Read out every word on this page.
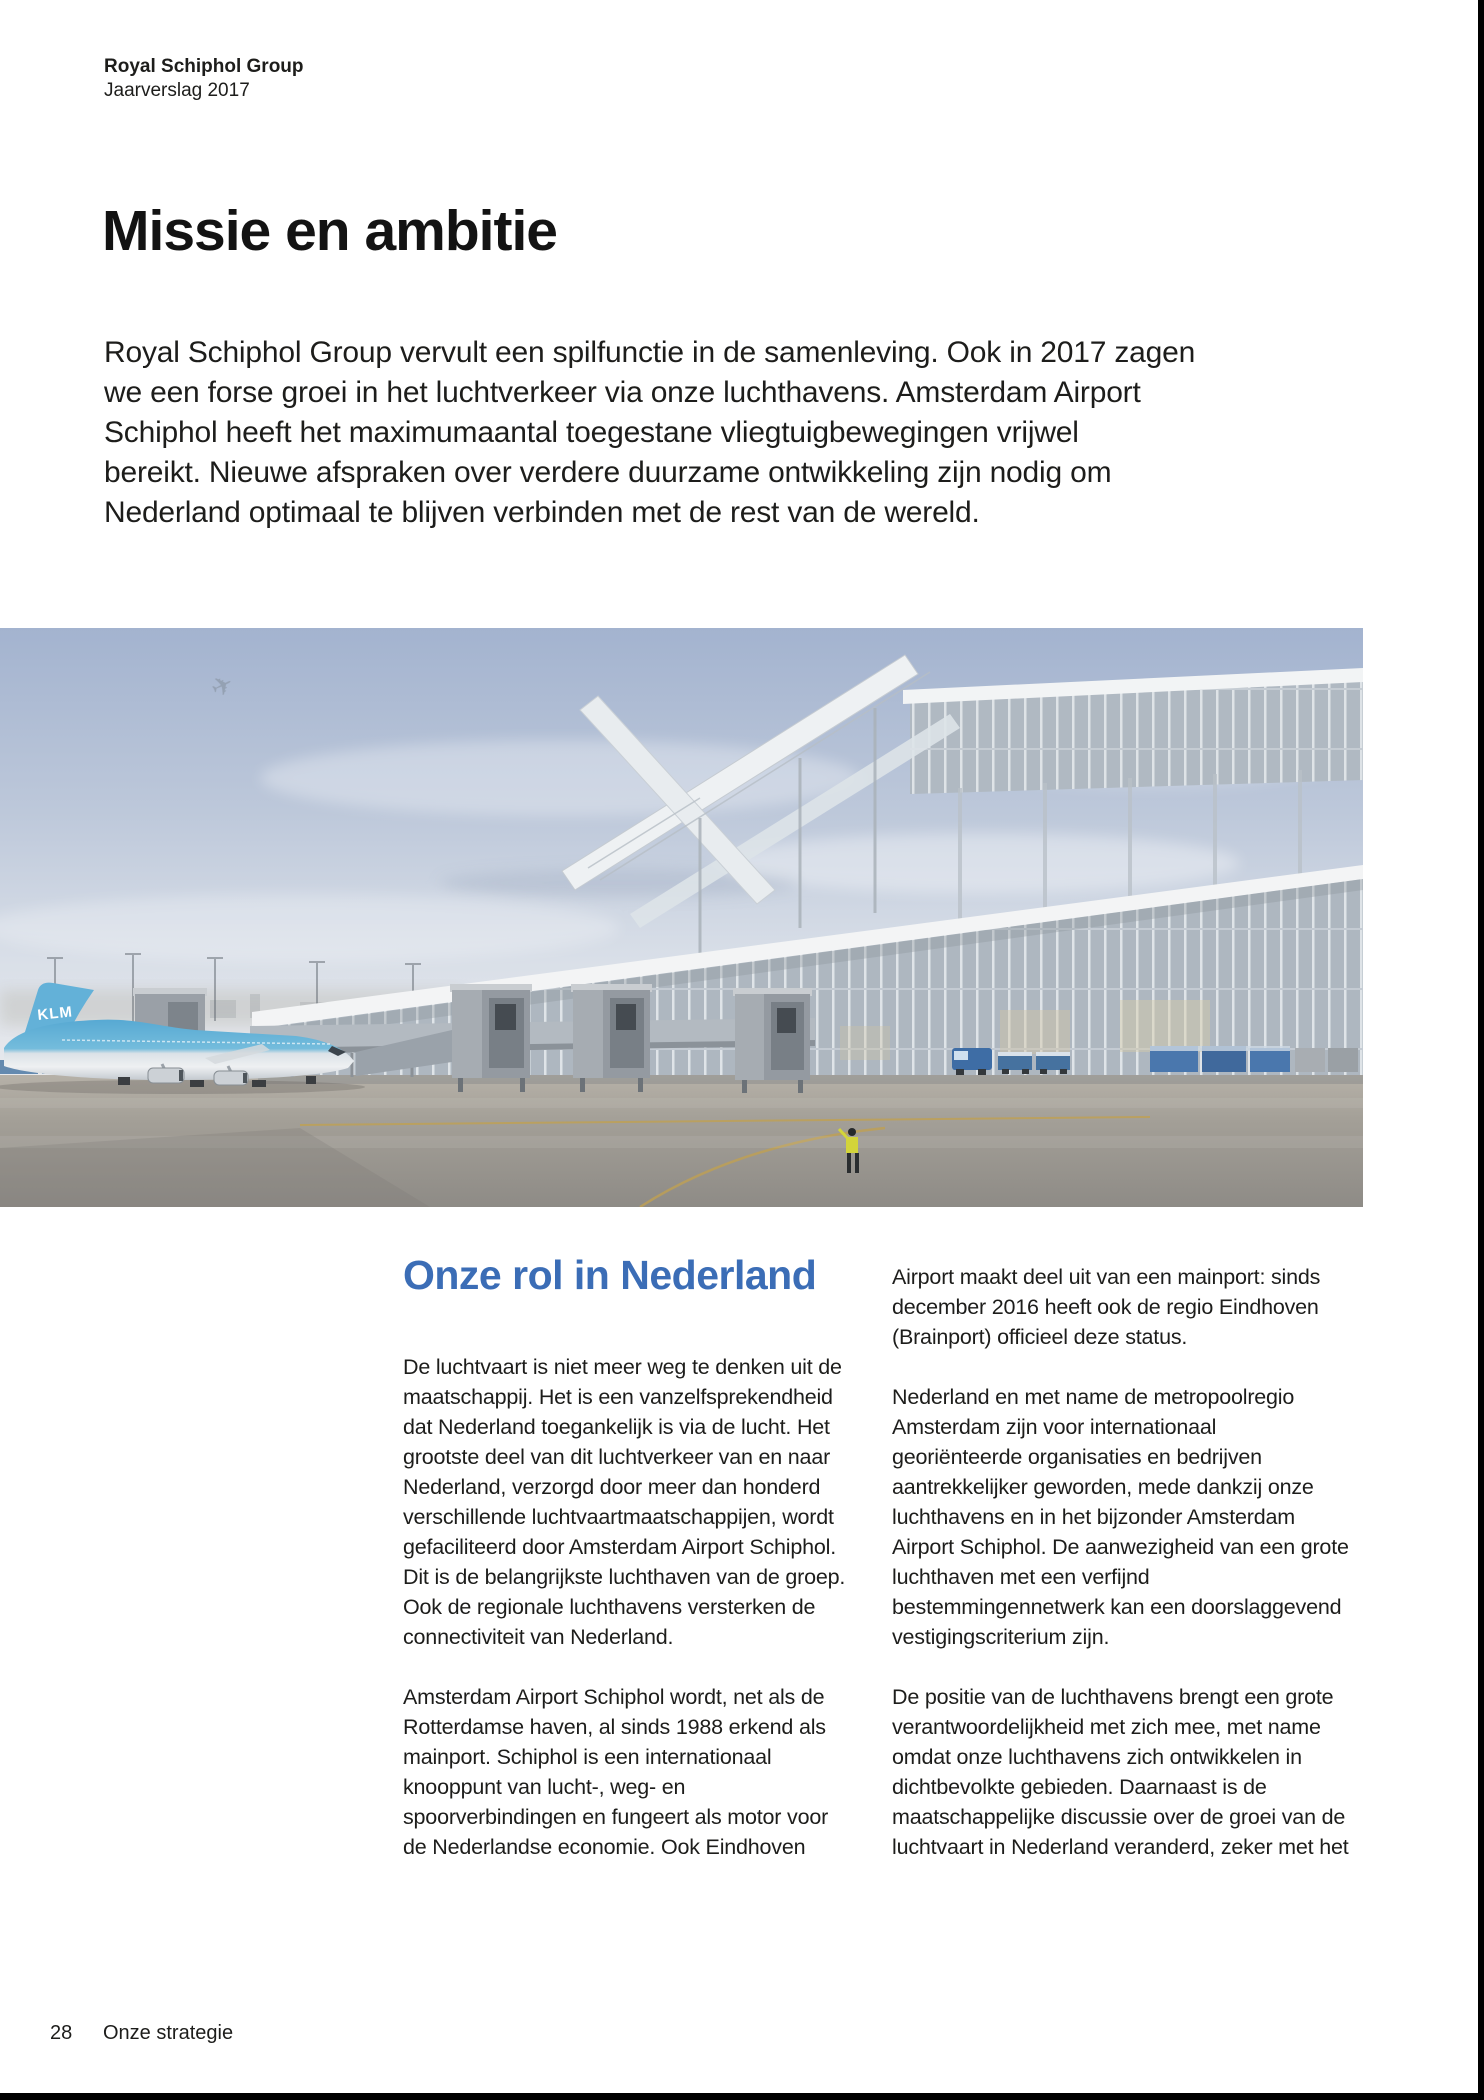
Royal Schiphol Group
Jaarverslag 2017
Missie en ambitie
Royal Schiphol Group vervult een spilfunctie in de samenleving. Ook in 2017 zagen
we een forse groei in het luchtverkeer via onze luchthavens. Amsterdam Airport
Schiphol heeft het maximumaantal toegestane vliegtuigbewegingen vrijwel
bereikt. Nieuwe afspraken over verdere duurzame ontwikkeling zijn nodig om
Nederland optimaal te blijven verbinden met de rest van de wereld.
✈
KLM
Onze rol in Nederland
De luchtvaart is niet meer weg te denken uit de
maatschappij. Het is een vanzelfsprekendheid
dat Nederland toegankelijk is via de lucht. Het
grootste deel van dit luchtverkeer van en naar
Nederland, verzorgd door meer dan honderd
verschillende luchtvaartmaatschappijen, wordt
gefaciliteerd door Amsterdam Airport Schiphol.
Dit is de belangrijkste luchthaven van de groep.
Ook de regionale luchthavens versterken de
connectiviteit van Nederland.
Amsterdam Airport Schiphol wordt, net als de
Rotterdamse haven, al sinds 1988 erkend als
mainport. Schiphol is een internationaal
knooppunt van lucht-, weg- en
spoorverbindingen en fungeert als motor voor
de Nederlandse economie. Ook Eindhoven
Airport maakt deel uit van een mainport: sinds
december 2016 heeft ook de regio Eindhoven
(Brainport) officieel deze status.
Nederland en met name de metropoolregio
Amsterdam zijn voor internationaal
georiënteerde organisaties en bedrijven
aantrekkelijker geworden, mede dankzij onze
luchthavens en in het bijzonder Amsterdam
Airport Schiphol. De aanwezigheid van een grote
luchthaven met een verfijnd
bestemmingennetwerk kan een doorslaggevend
vestigingscriterium zijn.
De positie van de luchthavens brengt een grote
verantwoordelijkheid met zich mee, met name
omdat onze luchthavens zich ontwikkelen in
dichtbevolkte gebieden. Daarnaast is de
maatschappelijke discussie over de groei van de
luchtvaart in Nederland veranderd, zeker met het
28 Onze strategie
